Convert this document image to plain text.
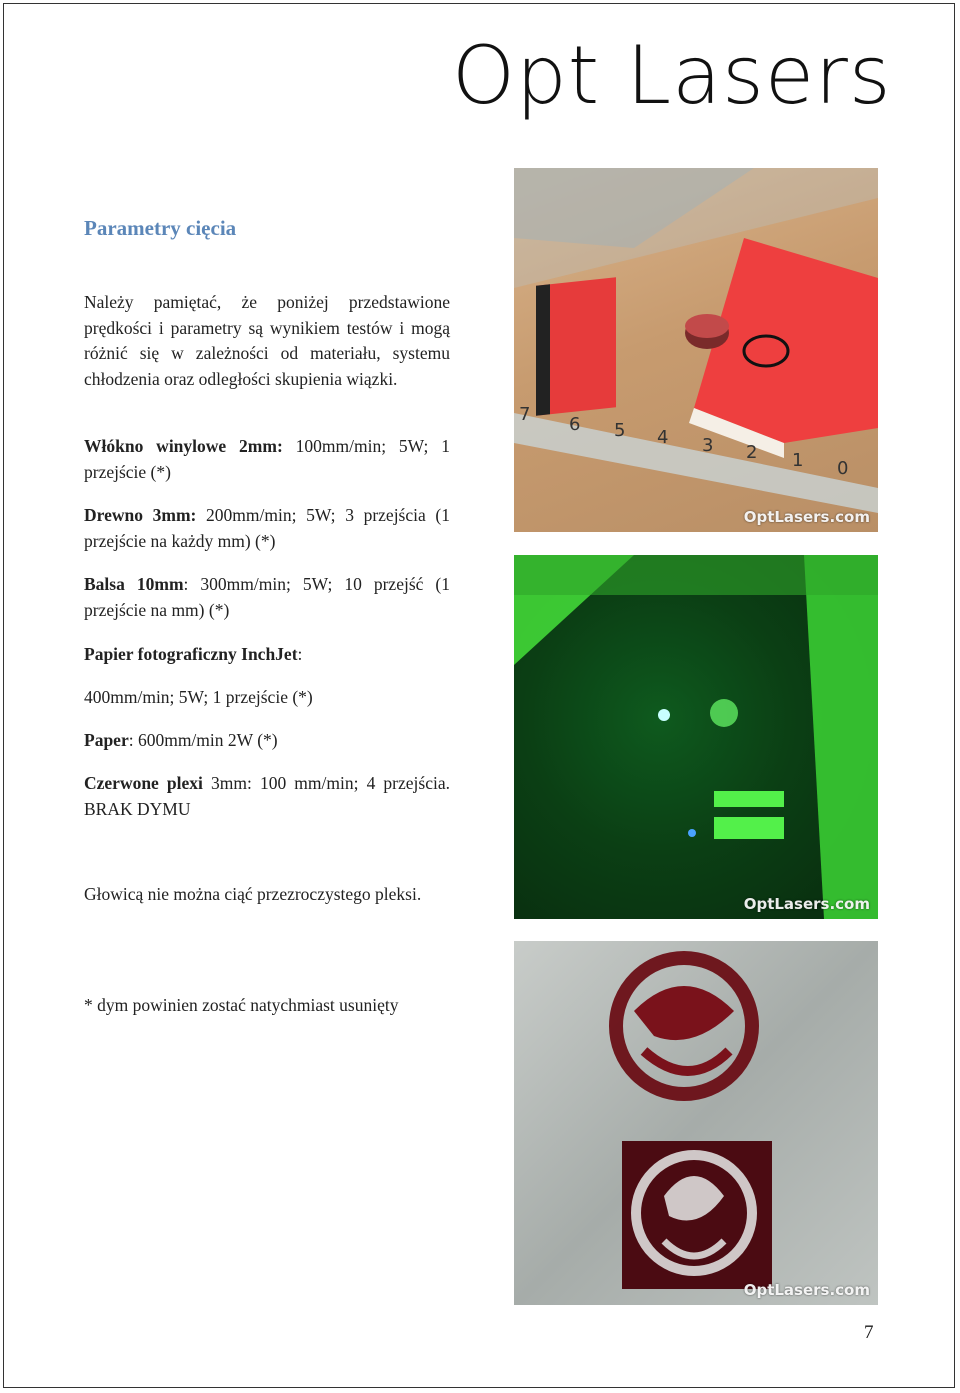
Opt Lasers
Parametry cięcia
Należy pamiętać, że poniżej przedstawione prędkości i parametry są wynikiem testów i mogą różnić się w zależności od materiału, systemu chłodzenia oraz odległości skupienia wiązki.
Włókno winylowe 2mm: 100mm/min; 5W; 1 przejście (*)
Drewno 3mm: 200mm/min; 5W; 3 przejścia (1 przejście na każdy mm) (*)
Balsa 10mm: 300mm/min; 5W; 10 przejść (1 przejście na mm) (*)
Papier fotograficzny InchJet:
400mm/min; 5W; 1 przejście (*)
Paper: 600mm/min 2W (*)
Czerwone plexi 3mm: 100 mm/min; 4 przejścia. BRAK DYMU
Głowicą nie można ciąć przezroczystego pleksi.
* dym powinien zostać natychmiast usunięty
7 6 5 4 3 2 1 0
OptLasers.com
OptLasers.com
OptLasers.com
7
